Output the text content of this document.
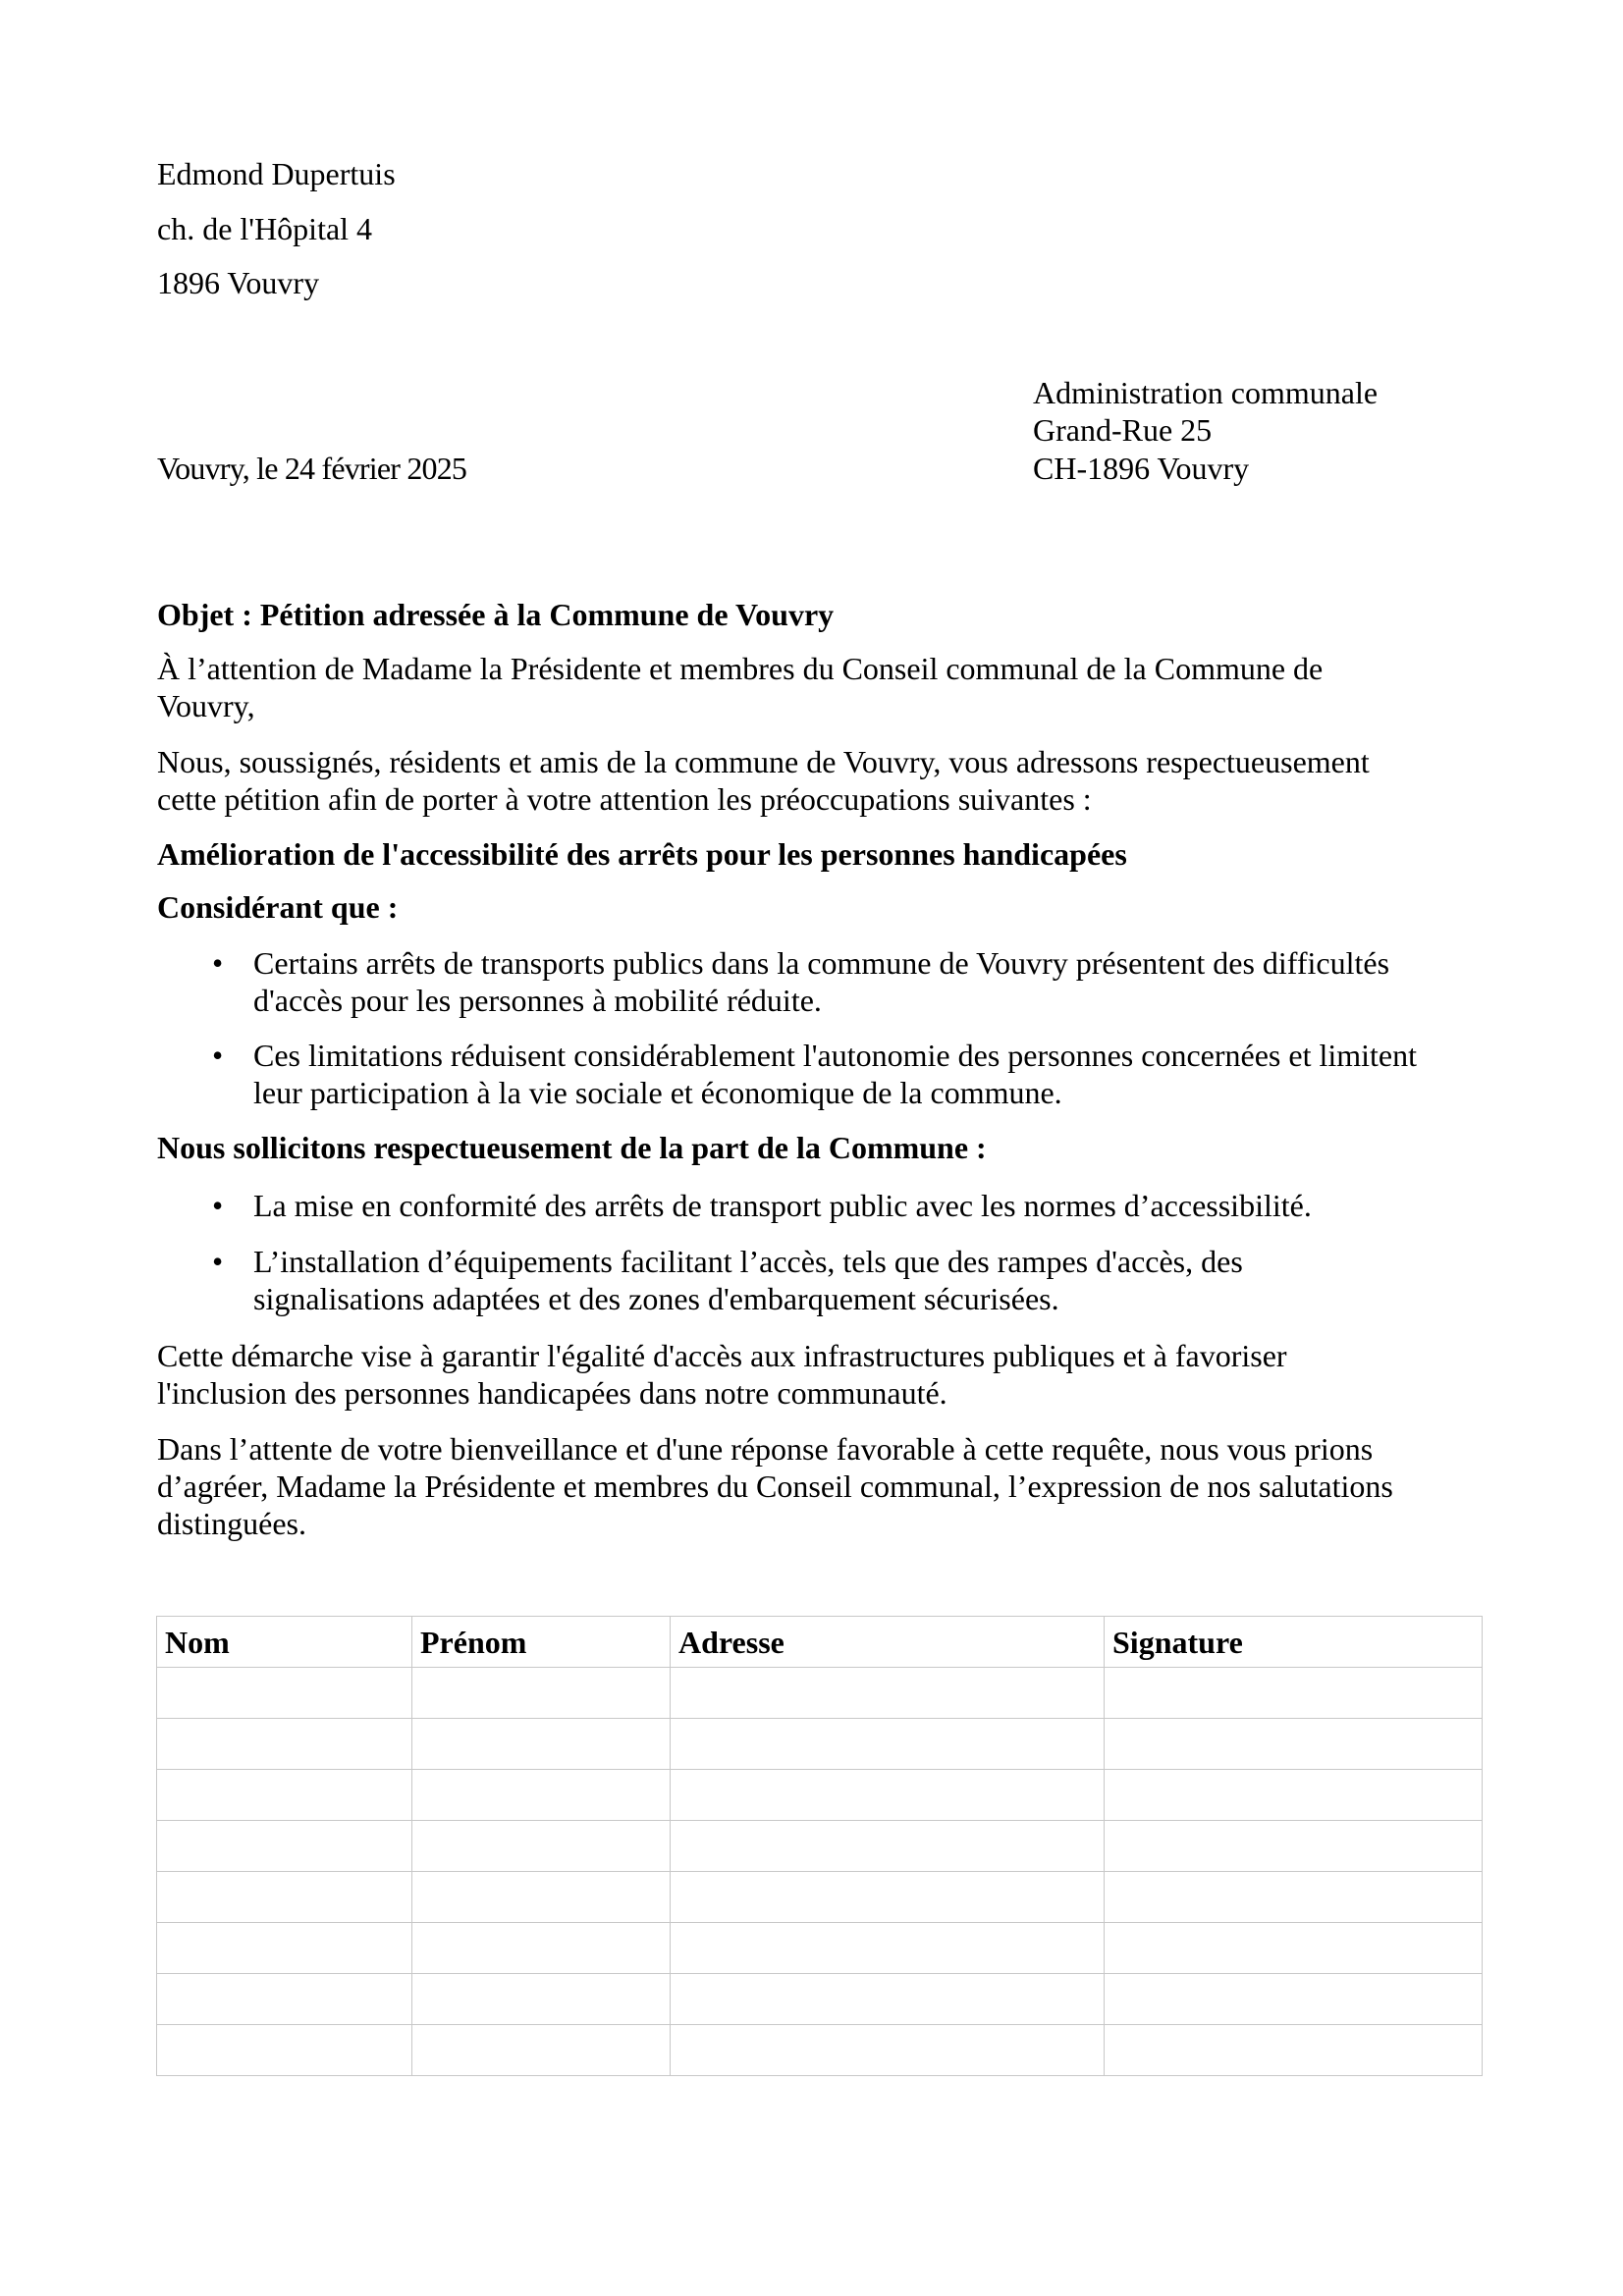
Edmond Dupertuis
ch. de l'Hôpital 4
1896 Vouvry
Administration communale
Grand-Rue 25
CH-1896 Vouvry
Vouvry, le 24 février 2025
Objet : Pétition adressée à la Commune de Vouvry
À l’attention de Madame la Présidente et membres du Conseil communal de la Commune de
Vouvry,
Nous, soussignés, résidents et amis de la commune de Vouvry, vous adressons respectueusement
cette pétition afin de porter à votre attention les préoccupations suivantes :
Amélioration de l'accessibilité des arrêts pour les personnes handicapées
Considérant que :
• Certains arrêts de transports publics dans la commune de Vouvry présentent des difficultés
d'accès pour les personnes à mobilité réduite.
• Ces limitations réduisent considérablement l'autonomie des personnes concernées et limitent
leur participation à la vie sociale et économique de la commune.
Nous sollicitons respectueusement de la part de la Commune :
• La mise en conformité des arrêts de transport public avec les normes d’accessibilité.
• L’installation d’équipements facilitant l’accès, tels que des rampes d'accès, des
signalisations adaptées et des zones d'embarquement sécurisées.
Cette démarche vise à garantir l'égalité d'accès aux infrastructures publiques et à favoriser
l'inclusion des personnes handicapées dans notre communauté.
Dans l’attente de votre bienveillance et d'une réponse favorable à cette requête, nous vous prions
d’agréer, Madame la Présidente et membres du Conseil communal, l’expression de nos salutations
distinguées.
Nom	Prénom	Adresse	Signature
